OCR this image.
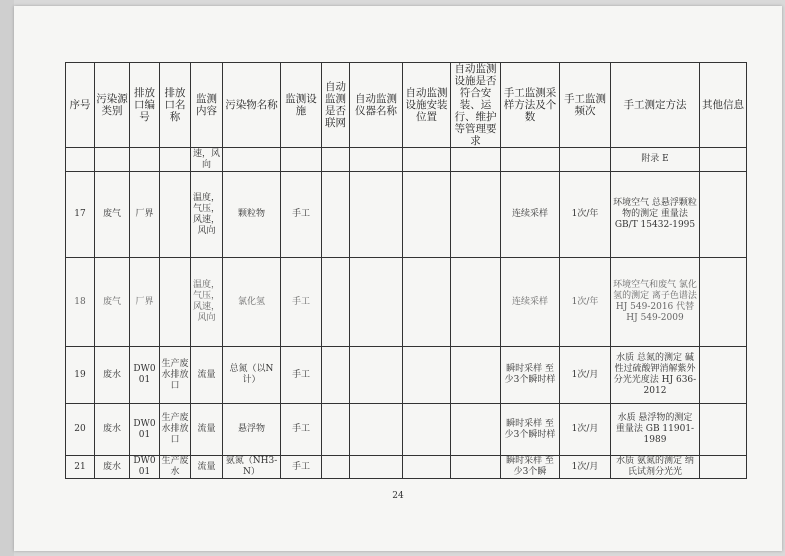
序号	污染源类别	排放口编号	排放口名称	监测内容	污染物名称	监测设施	自动监测是否联网	自动监测仪器名称	自动监测设施安装位置	自动监测设施是否符合安装、运行、维护等管理要求	手工监测采样方法及个数	手工监测频次	手工测定方法	其他信息
				速，风向									附录 E	
17	废气	厂界		温度，气压，风速，风向	颗粒物	手工					连续采样	1次/年	环境空气 总悬浮颗粒物的测定 重量法 GB/T 15432-1995	
18	废气	厂界		温度，气压，风速，风向	氯化氢	手工					连续采样	1次/年	环境空气和废气 氯化氢的测定 离子色谱法 HJ 549-2016 代替 HJ 549-2009	
19	废水	DW001	生产废水排放口	流量	总氮（以N计）	手工					瞬时采样 至少3个瞬时样	1次/月	水质 总氮的测定 碱性过硫酸钾消解紫外分光光度法 HJ 636-2012	
20	废水	DW001	生产废水排放口	流量	悬浮物	手工					瞬时采样 至少3个瞬时样	1次/月	水质 悬浮物的测定 重量法 GB 11901-1989	
21	废水	DW001	生产废水	流量	氨氮（NH3-N）	手工					瞬时采样 至少3个瞬	1次/月	水质 氨氮的测定 纳氏试剂分光光	
24
